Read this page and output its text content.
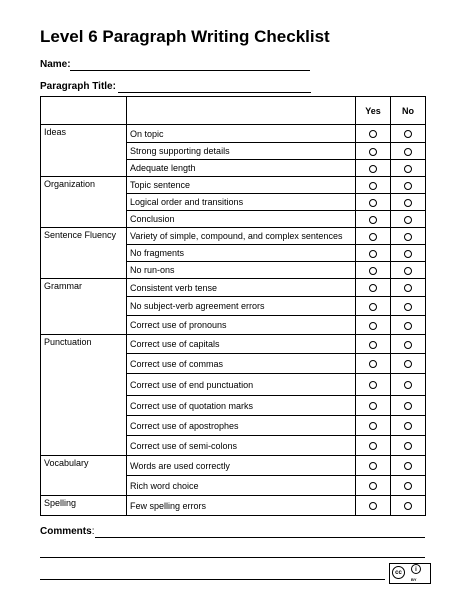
Level 6 Paragraph Writing Checklist
Name:
Paragraph Title:
		Yes	No
Ideas	On topic		
	Strong supporting details		
	Adequate length		
Organization	Topic sentence		
	Logical order and transitions		
	Conclusion		
Sentence Fluency	Variety of simple, compound, and complex sentences		
	No fragments		
	No run-ons		
Grammar	Consistent verb tense		
	No subject-verb agreement errors		
	Correct use of pronouns		
Punctuation	Correct use of capitals		
	Correct use of commas		
	Correct use of end punctuation		
	Correct use of quotation marks		
	Correct use of apostrophes		
	Correct use of semi-colons		
Vocabulary	Words are used correctly		
	Rich word choice		
Spelling	Few spelling errors		
Comments:
cc	i
BY
